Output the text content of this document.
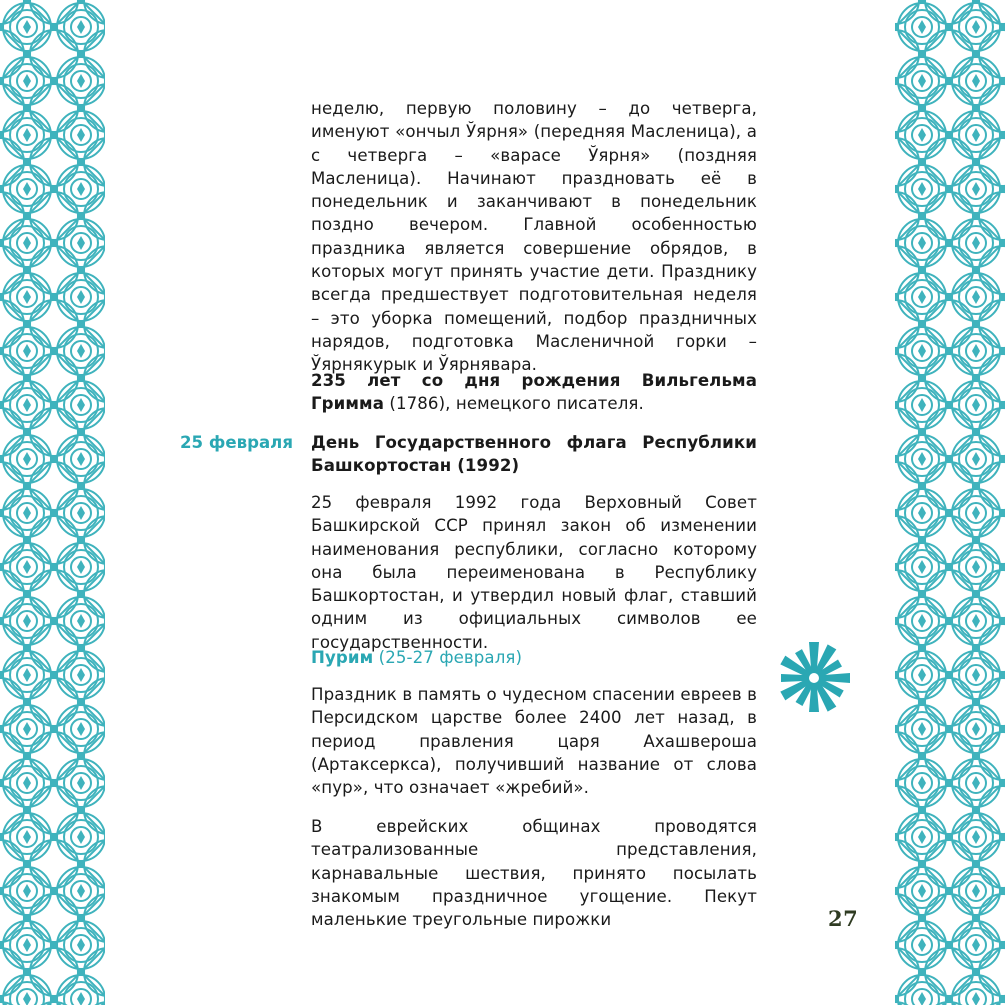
неделю, первую половину – до четверга, именуют «ончыл Ўярня» (передняя Масленица), а с четверга – «варасе Ўярня» (поздняя Масленица). Начинают праздновать её в понедельник и заканчивают в понедельник поздно вечером. Главной особенностью праздника является совершение обрядов, в которых могут принять участие дети. Празднику всегда предшествует подготовительная неделя – это уборка помещений, подбор праздничных нарядов, подготовка Масленичной горки – Ўярнякурык и Ўярнявара.

235 лет со дня рождения Вильгельма Гримма (1786), немецкого писателя.

25 февраля День Государственного флага Республики Башкортостан (1992)

25 февраля 1992 года Верховный Совет Башкирской ССР принял закон об изменении наименования республики, согласно которому она была переименована в Республику Башкортостан, и утвердил новый флаг, ставший одним из официальных символов ее государственности.

Пурим (25-27 февраля)

Праздник в память о чудесном спасении евреев в Персидском царстве более 2400 лет назад, в период правления царя Ахашвероша (Артаксеркса), получивший название от слова «пур», что означает «жребий».

В еврейских общинах проводятся театрализованные представления, карнавальные шествия, принято посылать знакомым праздничное угощение. Пекут маленькие треугольные пирожки	27
